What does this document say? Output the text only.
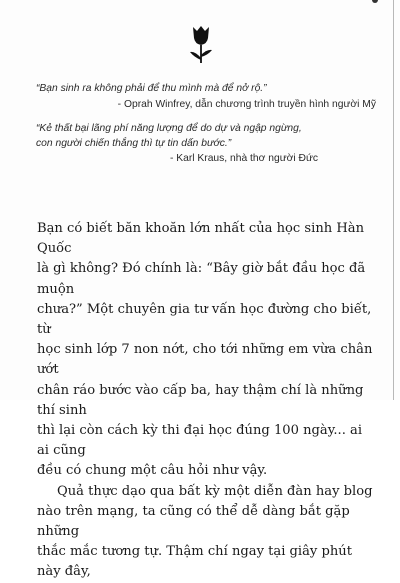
“Bạn sinh ra không phải để thu mình mà để nở rộ.”

- Oprah Winfrey, dẫn chương trình truyền hình người Mỹ

“Kẻ thất bại lãng phí năng lượng để do dự và ngập ngừng,
con người chiến thắng thì tự tin dấn bước.”

- Karl Kraus, nhà thơ người Đức

Bạn có biết băn khoăn lớn nhất của học sinh Hàn Quốc
là gì không? Đó chính là: “Bây giờ bắt đầu học đã muộn
chưa?” Một chuyên gia tư vấn học đường cho biết, từ
học sinh lớp 7 non nớt, cho tới những em vừa chân ướt
chân ráo bước vào cấp ba, hay thậm chí là những thí sinh
thì lại còn cách kỳ thi đại học đúng 100 ngày... ai ai cũng
đều có chung một câu hỏi như vậy.

Quả thực dạo qua bất kỳ một diễn đàn hay blog
nào trên mạng, ta cũng có thể dễ dàng bắt gặp những
thắc mắc tương tự. Thậm chí ngay tại giây phút này đây,
